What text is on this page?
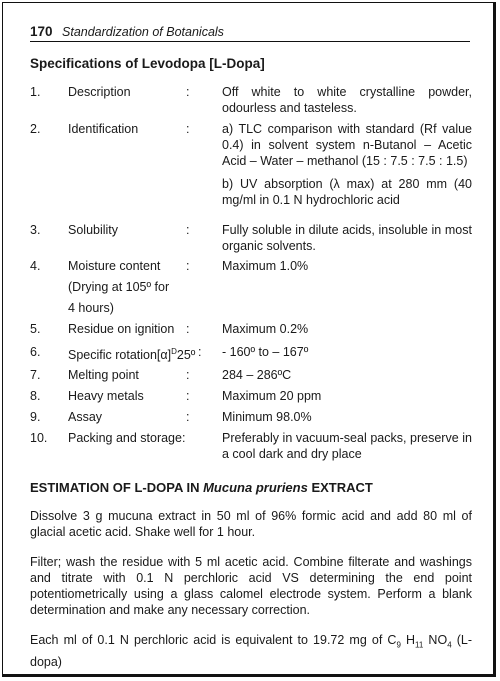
170 Standardization of Botanicals
Specifications of Levodopa [L-Dopa]
1. Description	:	Off white to white crystalline powder, odourless and tasteless.
2. Identification	:	a) TLC comparison with standard (Rf value 0.4) in solvent system n-Butanol – Acetic Acid – Water – methanol (15 : 7.5 : 7.5 : 1.5)
b) UV absorption (λ max) at 280 mm (40 mg/ml in 0.1 N hydrochloric acid
3. Solubility	:	Fully soluble in dilute acids, insoluble in most organic solvents.
4. Moisture content
(Drying at 105º for
4 hours)
:	Maximum 1.0%
5. Residue on ignition :	Maximum 0.2%
6. Specific $rotation[\alpha]^D25º$ : - 160º to – 167º
7. Melting point	:	284 – 286ºC
8. Heavy metals	:	Maximum 20 ppm
9. Assay	:	Minimum 98.0%
10. Packing and storage:	Preferably in vacuum-seal packs, preserve in a cool dark and dry place
ESTIMATION OF L-DOPA IN Mucuna pruriens EXTRACT
Dissolve 3 g mucuna extract in 50 ml of 96% formic acid and add 80 ml of glacial acetic acid. Shake well for 1 hour.
Filter; wash the residue with 5 ml acetic acid. Combine filterate and washings and titrate with 0.1 N perchloric acid VS determining the end point potentiometrically using a glass calomel electrode system. Perform a blank determination and make any necessary correction.
Each ml of 0.1 N perchloric acid is equivalent to 19.72 mg of $C_9$ $H_{11}$ $NO_4$ (L-dopa)
